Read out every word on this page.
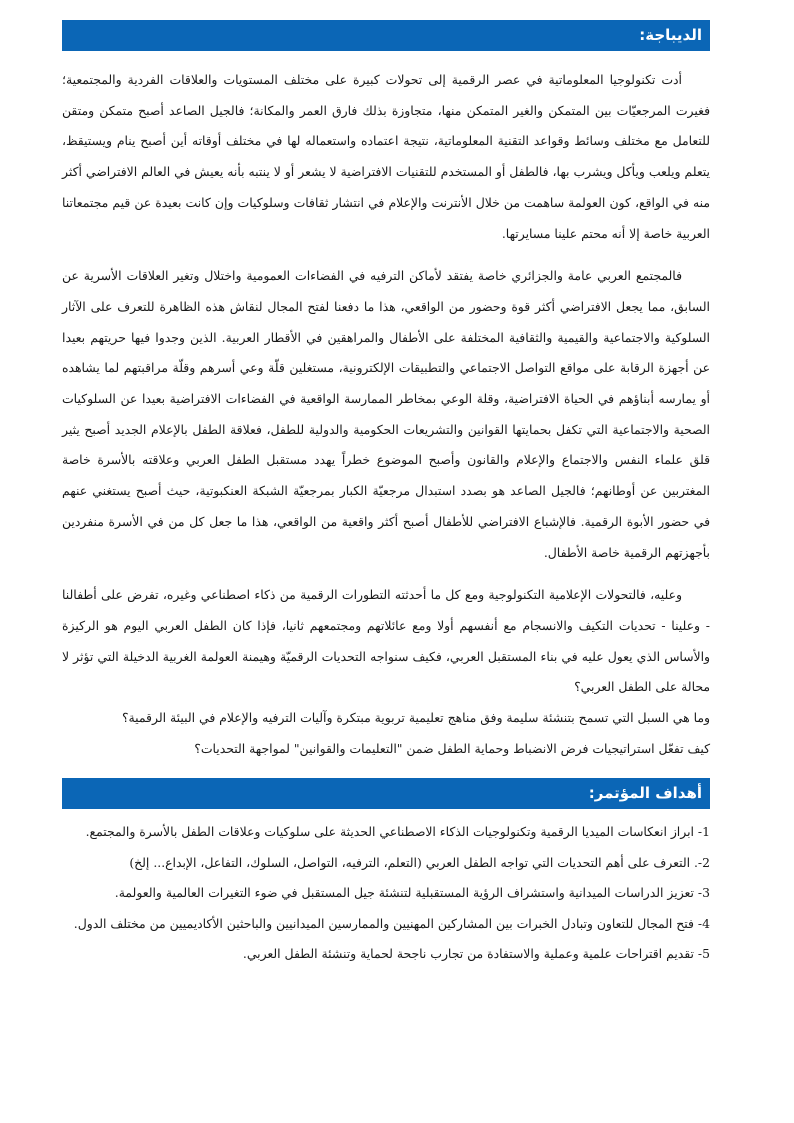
الديباجة:

أدت تكنولوجيا المعلوماتية في عصر الرقمية إلى تحولات كبيرة على مختلف المستويات والعلاقات الفردية والمجتمعية؛ فغيرت المرجعيّات بين المتمكن والغير المتمكن منها، متجاوزة بذلك فارق العمر والمكانة؛ فالجيل الصاعد أصبح متمكن ومتقن للتعامل مع مختلف وسائط وقواعد التقنية المعلوماتية، نتيجة اعتماده واستعماله لها في مختلف أوقاته أين أصبح ينام ويستيقظ، يتعلم ويلعب ويأكل ويشرب بها، فالطفل أو المستخدم للتقنيات الافتراضية لا يشعر أو لا ينتبه بأنه يعيش في العالم الافتراضي أكثر منه في الواقع، كون العولمة ساهمت من خلال الأنترنت والإعلام في انتشار ثقافات وسلوكيات وإن كانت بعيدة عن قيم مجتمعاتنا العربية خاصة إلا أنه محتم علينا مسايرتها.

فالمجتمع العربي عامة والجزائري خاصة يفتقد لأماكن الترفيه في الفضاءات العمومية واختلال وتغير العلاقات الأسرية عن السابق، مما يجعل الافتراضي أكثر قوة وحضور من الواقعي، هذا ما دفعنا لفتح المجال لنقاش هذه الظاهرة للتعرف على الآثار السلوكية والاجتماعية والقيمية والثقافية المختلفة على الأطفال والمراهقين في الأقطار العربية. الذين وجدوا فيها حريتهم بعيدا عن أجهزة الرقابة على مواقع التواصل الاجتماعي والتطبيقات الإلكترونية، مستغلين قلّة وعي أسرهم وقلّة مراقبتهم لما يشاهده أو يمارسه أبناؤهم في الحياة الافتراضية، وقلة الوعي بمخاطر الممارسة الواقعية في الفضاءات الافتراضية بعيدا عن السلوكيات الصحية والاجتماعية التي تكفل بحمايتها القوانين والتشريعات الحكومية والدولية للطفل، فعلاقة الطفل بالإعلام الجديد أصبح يثير قلق علماء النفس والاجتماع والإعلام والقانون وأصبح الموضوع خطراً يهدد مستقبل الطفل العربي وعلاقته بالأسرة خاصة المغتربين عن أوطانهم؛ فالجيل الصاعد هو بصدد استبدال مرجعيّة الكبار بمرجعيّة الشبكة العنكبوتية، حيث أصبح يستغني عنهم في حضور الأبوة الرقمية. فالإشباع الافتراضي للأطفال أصبح أكثر واقعية من الواقعي، هذا ما جعل كل من في الأسرة منفردين بأجهزتهم الرقمية خاصة الأطفال.

وعليه، فالتحولات الإعلامية التكنولوجية ومع كل ما أحدثته التطورات الرقمية من ذكاء اصطناعي وغيره، تفرض على أطفالنا - وعلينا - تحديات التكيف والانسجام مع أنفسهم أولا ومع عائلاتهم ومجتمعهم ثانيا، فإذا كان الطفل العربي اليوم هو الركيزة والأساس الذي يعول عليه في بناء المستقبل العربي، فكيف سنواجه التحديات الرقميّة وهيمنة العولمة الغربية الدخيلة التي تؤثر لا محالة على الطفل العربي؟

وما هي السبل التي تسمح بتنشئة سليمة وفق مناهج تعليمية تربوية مبتكرة وآليات الترفيه والإعلام في البيئة الرقمية؟

كيف تفعّل استراتيجيات فرض الانضباط وحماية الطفل ضمن "التعليمات والقوانين" لمواجهة التحديات؟

أهداف المؤتمر:
1- ابراز انعكاسات الميديا الرقمية وتكنولوجيات الذكاء الاصطناعي الحديثة على سلوكيات وعلاقات الطفل بالأسرة والمجتمع.
2-. التعرف على أهم التحديات التي تواجه الطفل العربي (التعلم، الترفيه، التواصل، السلوك، التفاعل، الإبداع... إلخ)
3- تعزيز الدراسات الميدانية واستشراف الرؤية المستقبلية لتنشئة جيل المستقبل في ضوء التغيرات العالمية والعولمة.
4- فتح المجال للتعاون وتبادل الخبرات بين المشاركين المهنيين والممارسين الميدانيين والباحثين الأكاديميين من مختلف الدول.
5- تقديم اقتراحات علمية وعملية والاستفادة من تجارب ناجحة لحماية وتنشئة الطفل العربي.
